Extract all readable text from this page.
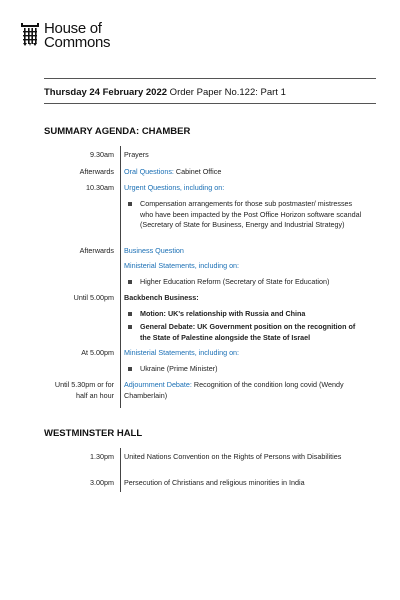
House of
Commons
Thursday 24 February 2022 Order Paper No.122: Part 1
SUMMARY AGENDA: CHAMBER
9.30am Prayers
Afterwards Oral Questions: Cabinet Office
10.30am Urgent Questions, including on:
Compensation arrangements for those sub postmaster/ mistresses who have been impacted by the Post Office Horizon software scandal (Secretary of State for Business, Energy and Industrial Strategy)
Afterwards Business Question
Ministerial Statements, including on:
Higher Education Reform (Secretary of State for Education)
Until 5.00pm Backbench Business:
Motion: UK's relationship with Russia and China
General Debate: UK Government position on the recognition of the State of Palestine alongside the State of Israel
At 5.00pm Ministerial Statements, including on:
Ukraine (Prime Minister)
Until 5.30pm or for
half an hour
Adjournment Debate: Recognition of the condition long covid (Wendy Chamberlain)
WESTMINSTER HALL
1.30pm United Nations Convention on the Rights of Persons with Disabilities
3.00pm Persecution of Christians and religious minorities in India
